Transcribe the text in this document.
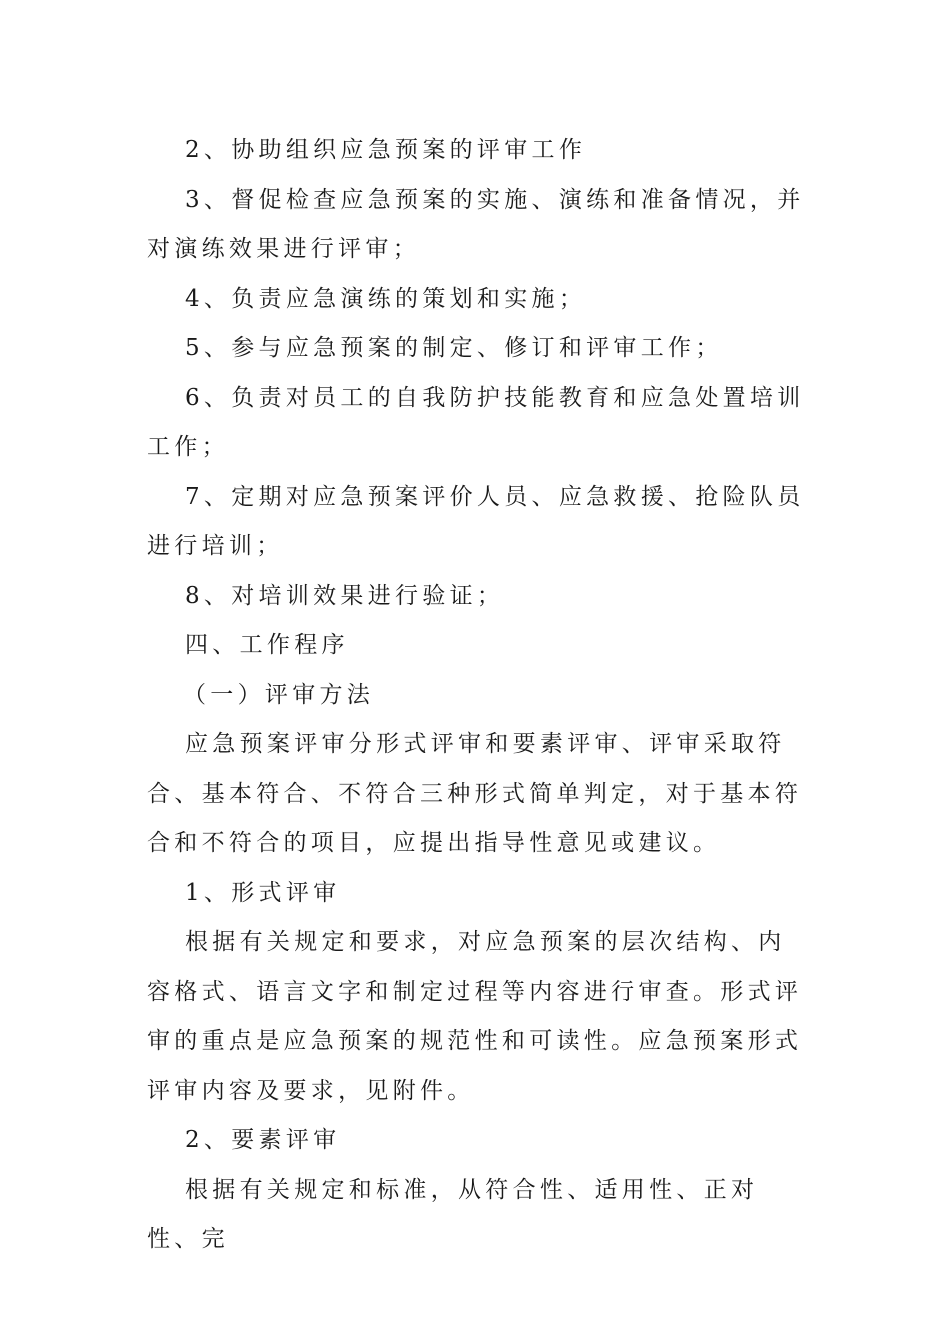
2、协助组织应急预案的评审工作

3、督促检查应急预案的实施、演练和准备情况，并对演练效果进行评审；

4、负责应急演练的策划和实施；

5、参与应急预案的制定、修订和评审工作；

6、负责对员工的自我防护技能教育和应急处置培训工作；

7、定期对应急预案评价人员、应急救援、抢险队员进行培训；

8、对培训效果进行验证；

四、工作程序

（一）评审方法

应急预案评审分形式评审和要素评审、评审采取符合、基本符合、不符合三种形式简单判定，对于基本符合和不符合的项目，应提出指导性意见或建议。

1、形式评审

根据有关规定和要求，对应急预案的层次结构、内容格式、语言文字和制定过程等内容进行审查。形式评审的重点是应急预案的规范性和可读性。应急预案形式评审内容及要求，见附件。

2、要素评审

根据有关规定和标准，从符合性、适用性、正对性、完
